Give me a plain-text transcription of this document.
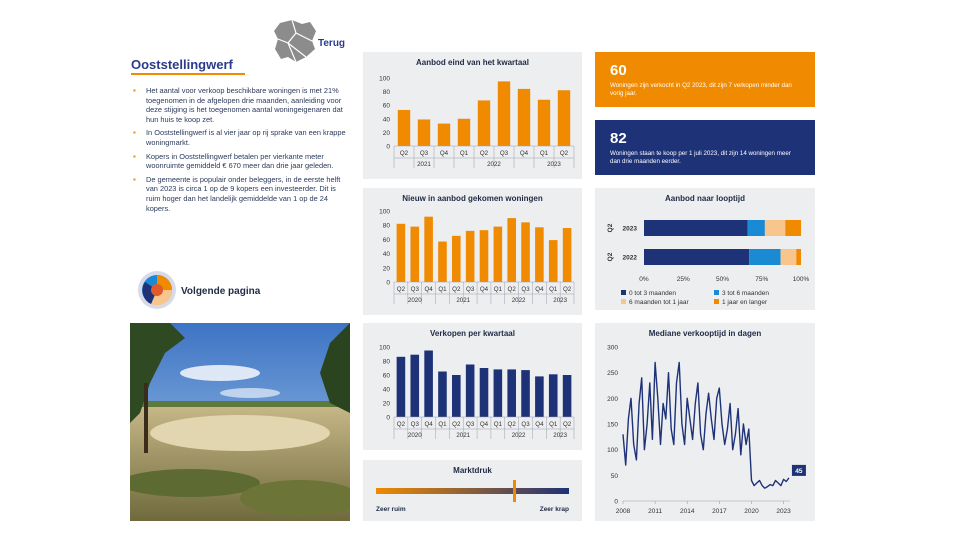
Terug
Ooststellingwerf
▪ Het aantal voor verkoop beschikbare woningen is met 21% toegenomen in de afgelopen drie maanden, aanleiding voor deze stijging is het toegenomen aantal woningeigenaren dat hun huis te koop zet.
▪ In Ooststellingwerf is al vier jaar op rij sprake van een krappe woningmarkt.
▪ Kopers in Ooststellingwerf betalen per vierkante meter woonruimte gemiddeld € 670 meer dan drie jaar geleden.
▪ De gemeente is populair onder beleggers, in de eerste helft van 2023 is circa 1 op de 9 kopers een investeerder. Dit is ruim hoger dan het landelijk gemiddelde van 1 op de 24 kopers.
Volgende pagina
Aanbod eind van het kwartaal
0
20
40
60
80
100
Q2 Q3 Q4 Q1 Q2 Q3 Q4 Q1 Q2
2021	2022	2023
Nieuw in aanbod gekomen woningen
0
20
40
60
80
100
Q2 Q3 Q4 Q1 Q2 Q3 Q4 Q1 Q2 Q3 Q4 Q1 Q2
2020	2021	2022	2023
Verkopen per kwartaal
0
20
40
60
80
100
Q2 Q3 Q4 Q1 Q2 Q3 Q4 Q1 Q2 Q3 Q4 Q1 Q2
2020	2021	2022	2023
Marktdruk
Zeer ruim	Zeer krap
60
Woningen zijn verkocht in Q2 2023, dit zijn 7 verkopen minder dan vorig jaar.
82
Woningen staan te koop per 1 juli 2023, dit zijn 14 woningen meer dan drie maanden eerder.
Aanbod naar looptijd
2023
Q2
2022
Q2
0%	25%	50%	75%	100%
0 tot 3 maanden	3 tot 6 maanden
6 maanden tot 1 jaar	1 jaar en langer
Mediane verkooptijd in dagen
0
50
100
150
200
250
300
2008	2011	2014	2017	2020	2023
45
